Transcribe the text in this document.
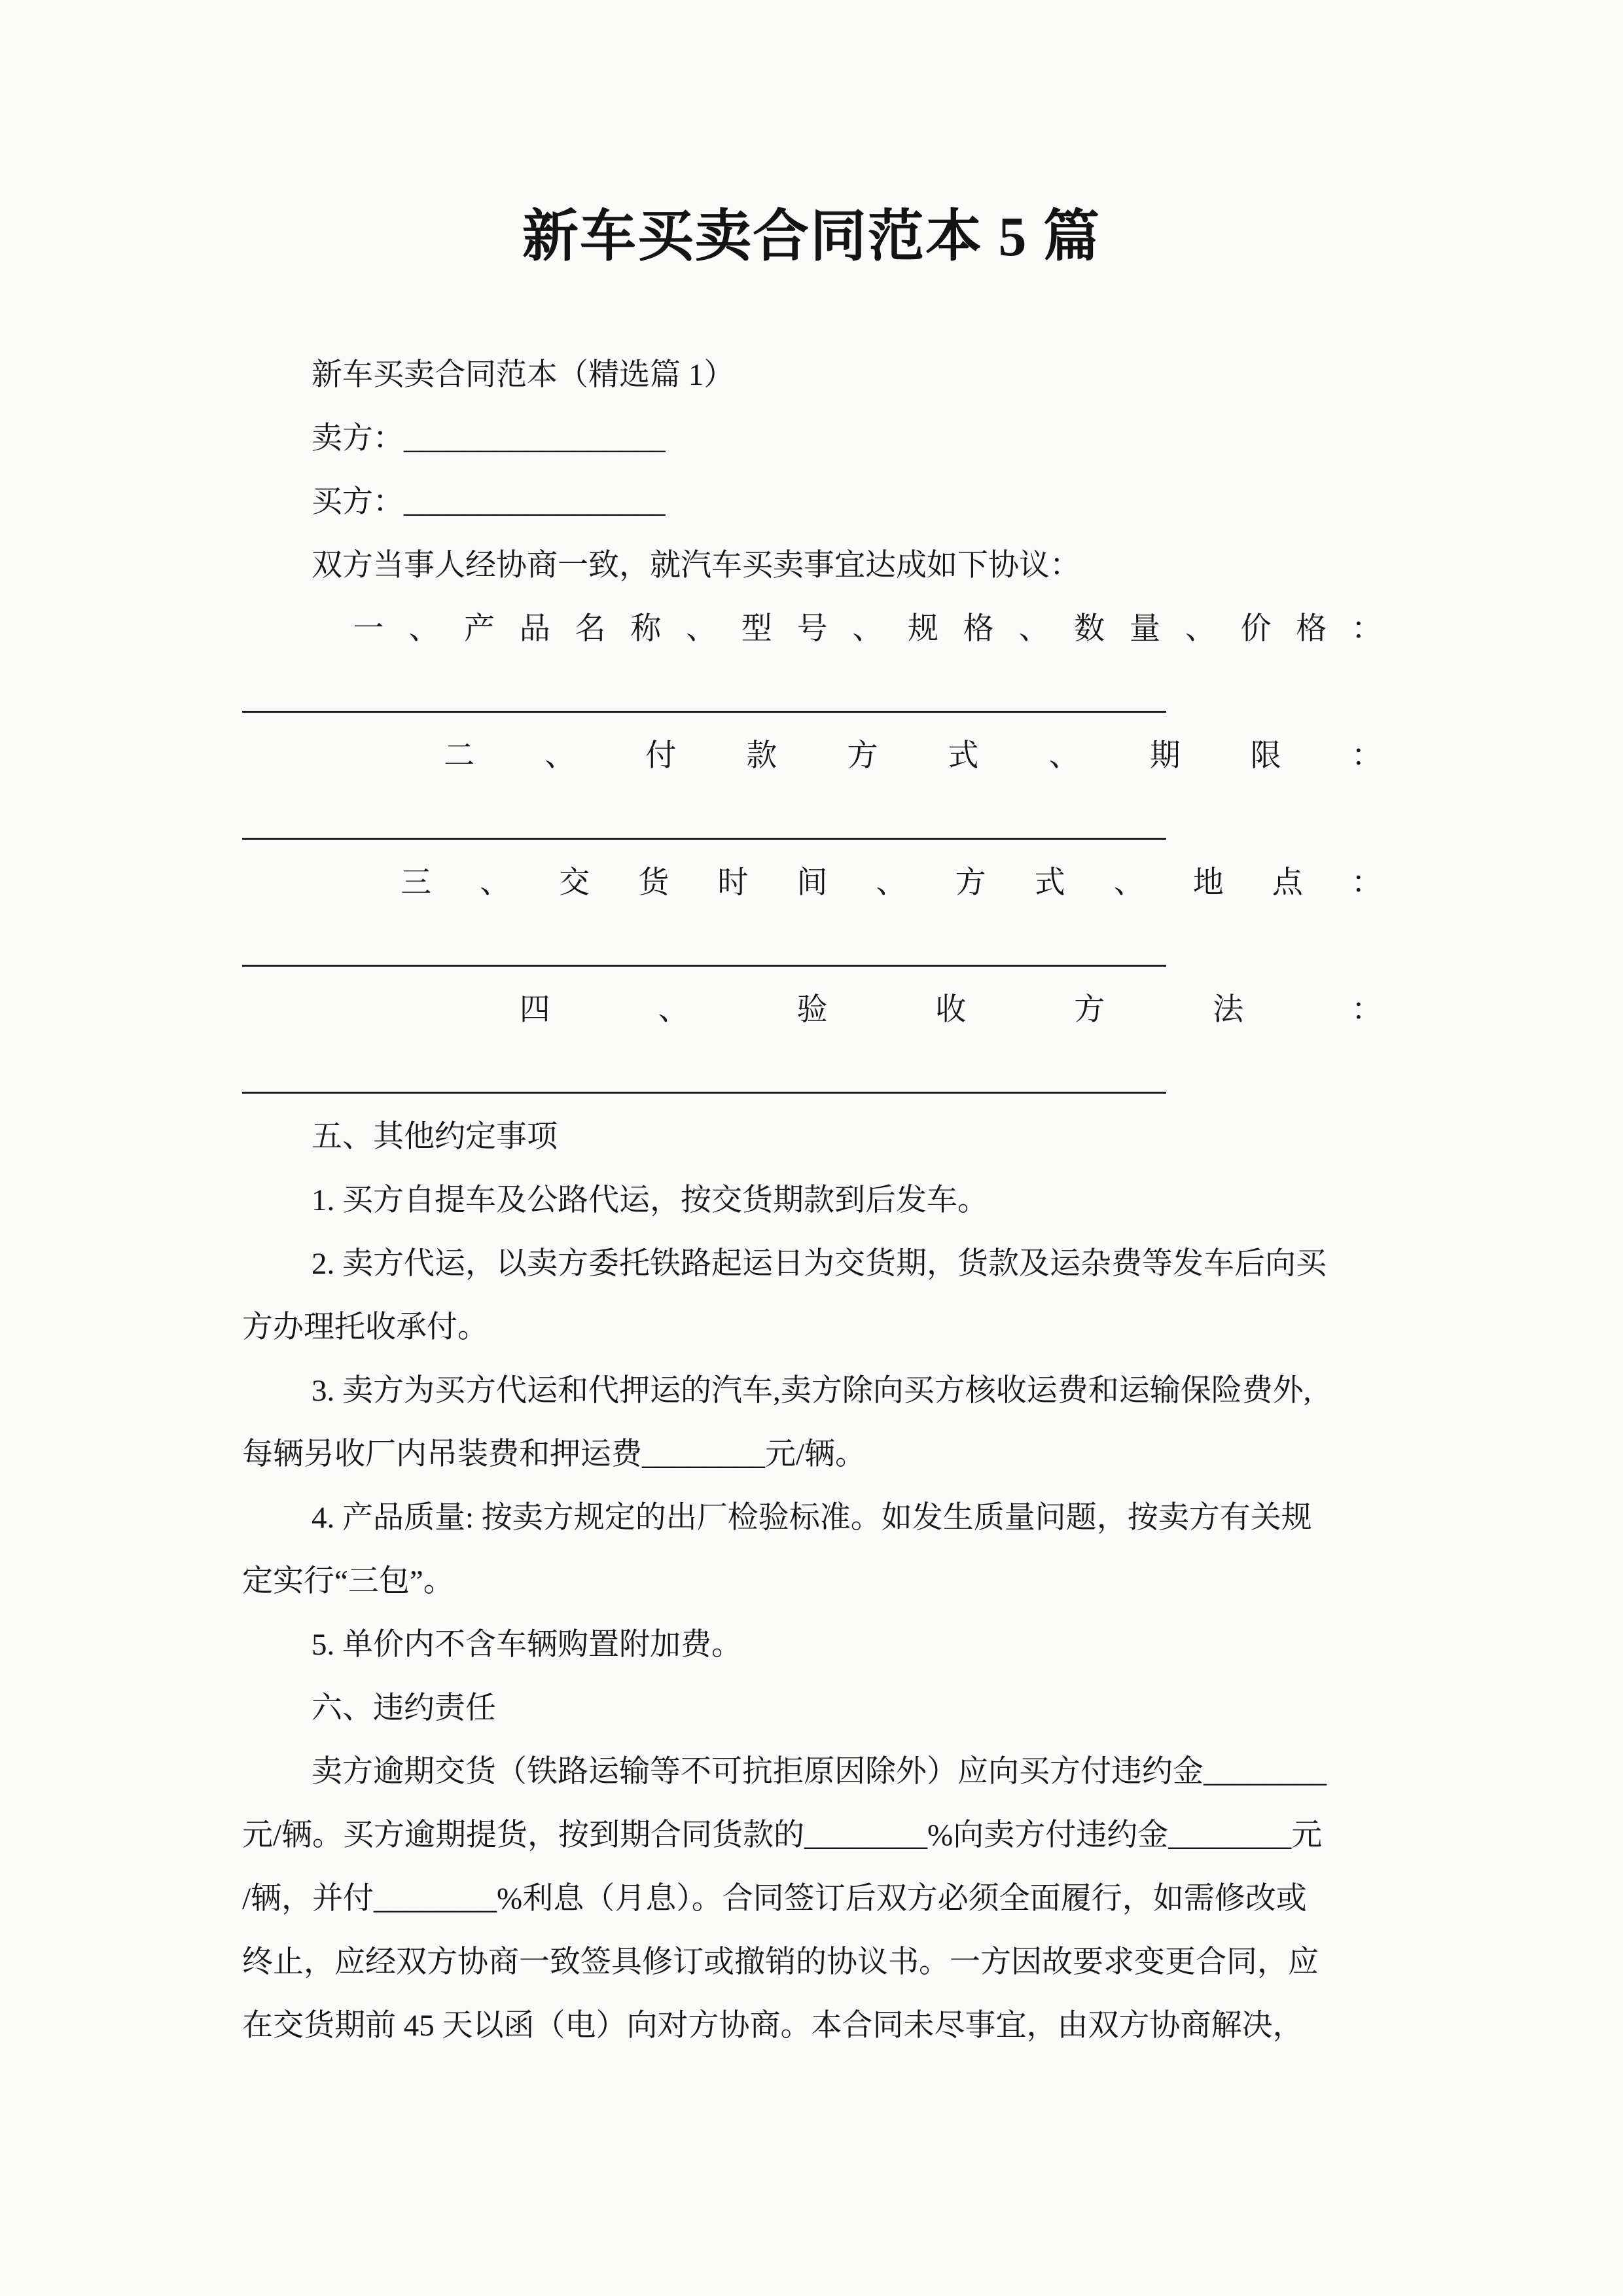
新车买卖合同范本 5 篇
新车买卖合同范本（精选篇 1）
卖方：_________________
买方：_________________
双方当事人经协商一致，就汽车买卖事宜达成如下协议：

一 、 产 品 名 称 、 型 号 、 规 格 、 数 量 、 价 格 ：

二 、 付 款 方 式 、 期 限 ：

三 、 交 货 时 间 、 方 式 、 地 点 ：

四	、	验	收	方	法	：
五、其他约定事项
1. 买方自提车及公路代运，按交货期款到后发车。
2. 卖方代运，以卖方委托铁路起运日为交货期，货款及运杂费等发车后向买
方办理托收承付。
3. 卖方为买方代运和代押运的汽车,卖方除向买方核收运费和运输保险费外,
每辆另收厂内吊装费和押运费________元/辆。
4. 产品质量: 按卖方规定的出厂检验标准。如发生质量问题，按卖方有关规
定实行“三包”。
5. 单价内不含车辆购置附加费。
六、违约责任
卖方逾期交货（铁路运输等不可抗拒原因除外）应向买方付违约金________
元/辆。买方逾期提货，按到期合同货款的________%向卖方付违约金________元
/辆，并付________%利息（月息）。合同签订后双方必须全面履行，如需修改或
终止，应经双方协商一致签具修订或撤销的协议书。一方因故要求变更合同，应
在交货期前 45 天以函（电）向对方协商。本合同未尽事宜，由双方协商解决，
